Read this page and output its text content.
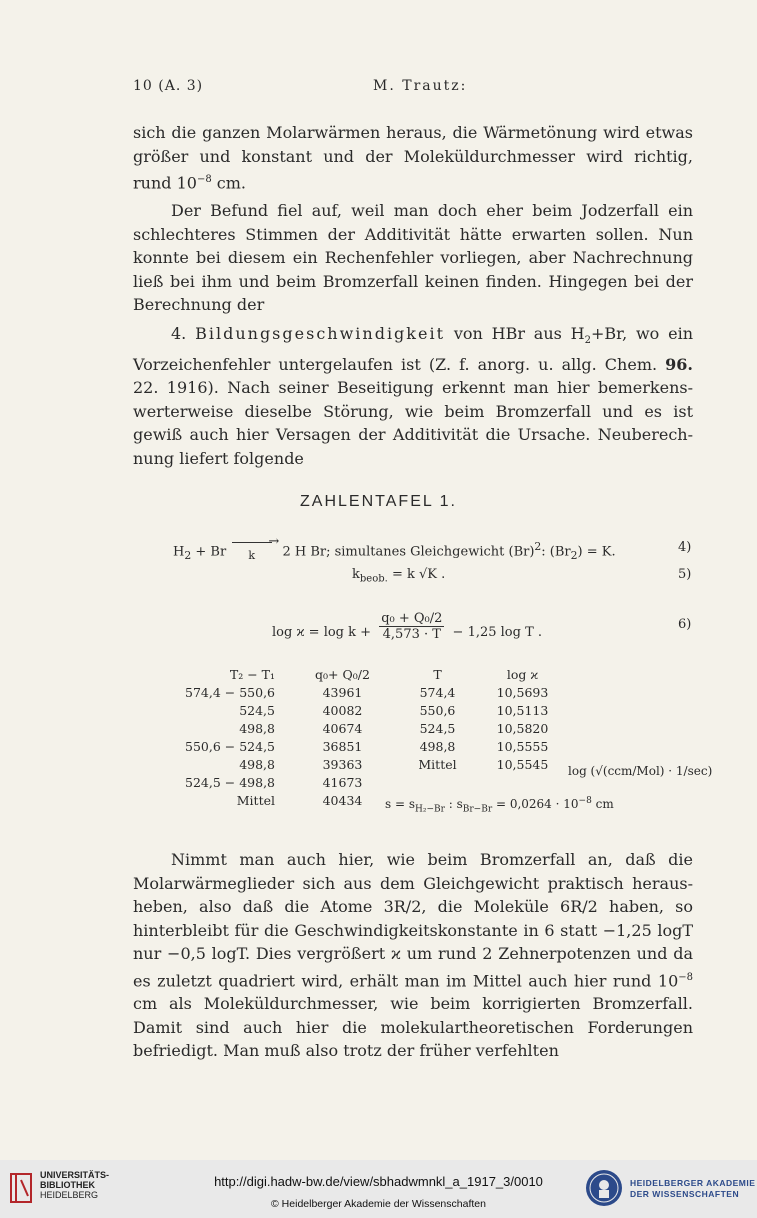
10 (A. 3)	M. Trautz:

sich die ganzen Molarwärmen heraus, die Wärmetönung wird etwas größer und konstant und der Moleküldurchmesser wird richtig, rund $10^{-8}$ cm.

Der Befund fiel auf, weil man doch eher beim Jodzerfall ein schlechteres Stimmen der Additivität hätte erwarten sollen. Nun konnte bei diesem ein Rechenfehler vorliegen, aber Nachrechnung ließ bei ihm und beim Bromzerfall keinen finden. Hingegen bei der Berechnung der

4. Bildungsgeschwindigkeit von HBr aus $H_2+Br$, wo ein Vorzeichenfehler untergelaufen ist (Z. f. anorg. u. allg. Chem. 96. 22. 1916). Nach seiner Beseitigung erkennt man hier bemerkenswerterweise dieselbe Störung, wie beim Bromzerfall und es ist gewiß auch hier Versagen der Additivität die Ursache. Neuberechnung liefert folgende

ZAHLENTAFEL 1.
$H_2 + Br$
→
k 2 H Br; simultanes Gleichgewicht $(Br)^2$: $(Br_2) = K$.	4)
$k_{beob.} = k$ √K .	5)
$\log ϰ = \log k + \frac{\text{q₀ + Q₀/2}}{4,573 \cdot T} - 1,25$ log T .
6)
T₂ − T₁	q₀+ Q₀/2	T	log ϰ
574,4 − 550,6	43961	574,4	10,5693
524,5	40082	550,6	10,5113
498,8	40674	524,5	10,5820
550,6 − 524,5	36851	498,8	10,5555
498,8	39363	Mittel	10,5545
524,5 − 498,8	41673		
Mittel	40434		
log (√(ccm/Mol) · 1/sec)
$s = s_{H_2-Br}$ : $s_{Br-Br} = 0,0264 \cdot 10^{-8}$ cm

Nimmt man auch hier, wie beim Bromzerfall an, daß die Molarwärmeglieder sich aus dem Gleichgewicht praktisch herausheben, also daß die Atome 3R/2, die Moleküle 6R/2 haben, so hinterbleibt für die Geschwindigkeitskonstante in 6 statt −1,25 logT nur −0,5 logT. Dies vergrößert ϰ um rund 2 Zehnerpotenzen und da es zuletzt quadriert wird, erhält man im Mittel auch hier rund $10^{-8}$ cm als Moleküldurchmesser, wie beim korrigierten Bromzerfall. Damit sind auch hier die molekulartheoretischen Forderungen befriedigt. Man muß also trotz der früher verfehlten

UNIVERSITÄTS-
BIBLIOTHEK
HEIDELBERG
http://digi.hadw-bw.de/view/sbhadwmnkl_a_1917_3/0010
© Heidelberger Akademie der Wissenschaften
HEIDELBERGER AKADEMIE
DER WISSENSCHAFTEN
